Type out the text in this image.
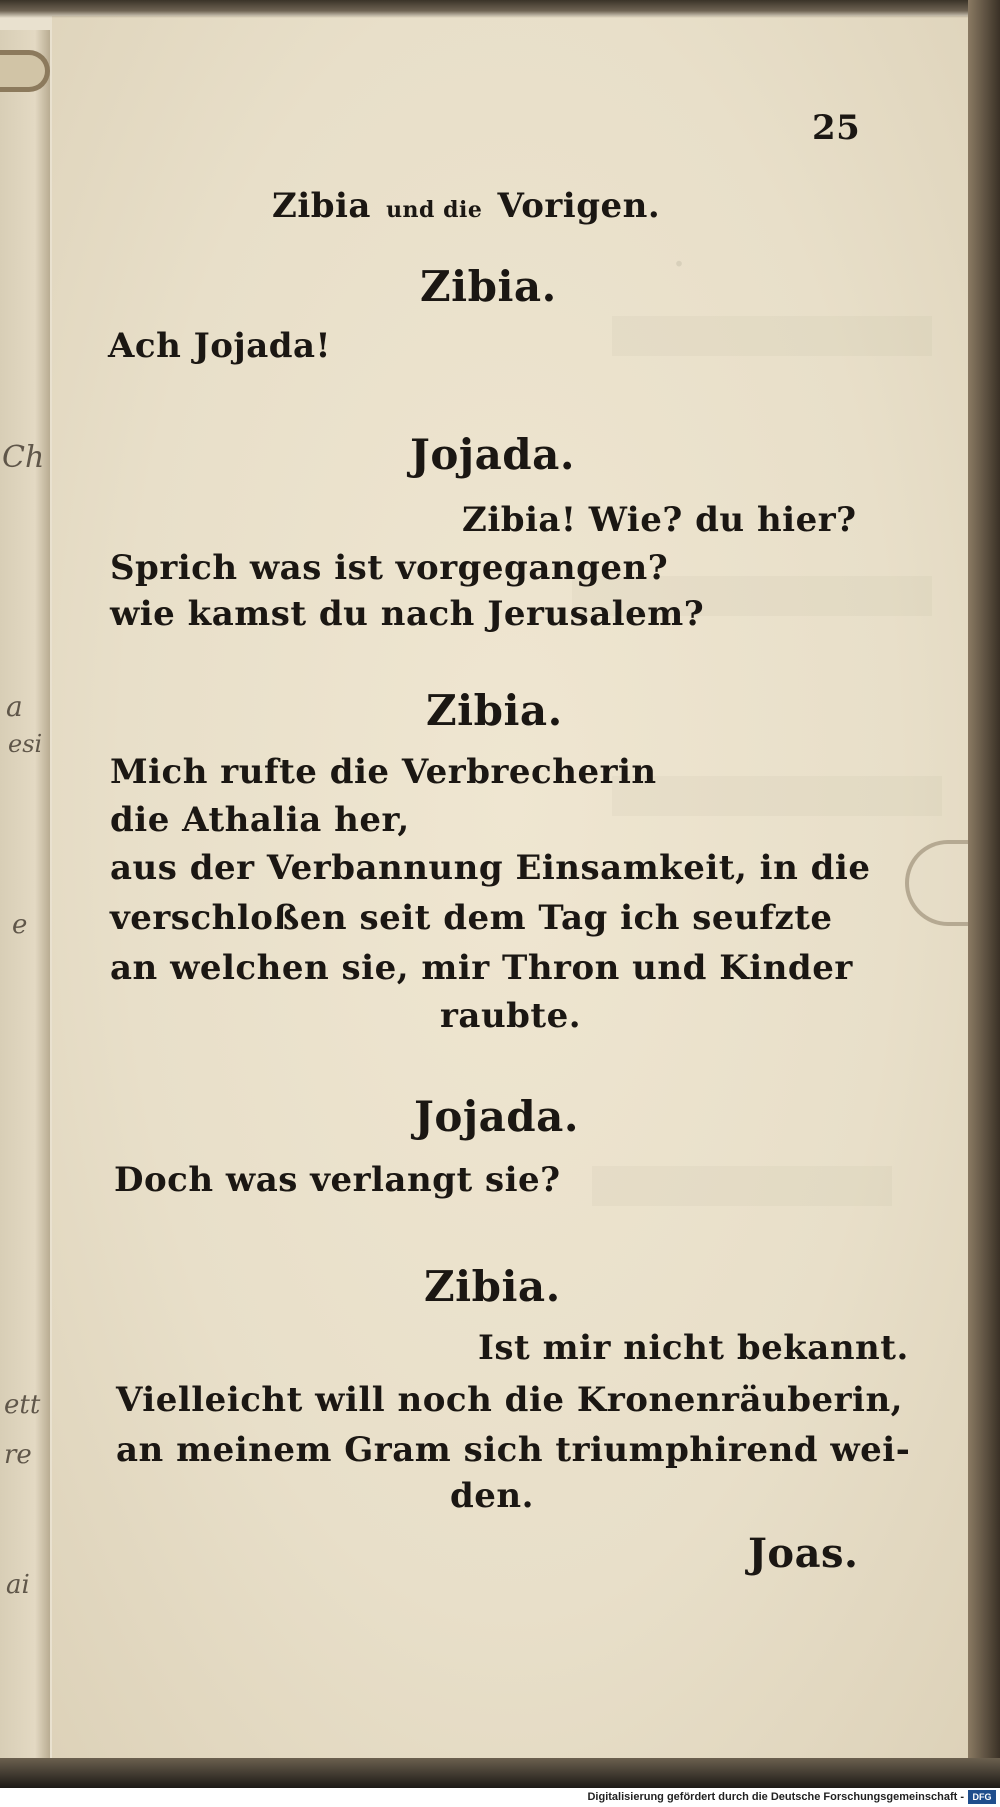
Ch
a
esi
e
ett
re
ai
.
25
Zibia und die Vorigen.
Zibia.
Ach Jojada!
Jojada.
Zibia! Wie? du hier?
Sprich was ist vorgegangen?
wie kamst du nach Jerusalem?
Zibia.
Mich rufte die Verbrecherin
die Athalia her,
aus der Verbannung Einsamkeit, in die
verschloßen seit dem Tag ich seufzte
an welchen sie, mir Thron und Kinder
raubte.
Jojada.
Doch was verlangt sie?
Zibia.
Ist mir nicht bekannt.
Vielleicht will noch die Kronenräuberin,
an meinem Gram sich triumphirend wei-
den.
Joas.
Digitalisierung gefördert durch die Deutsche Forschungsgemeinschaft - DFG
